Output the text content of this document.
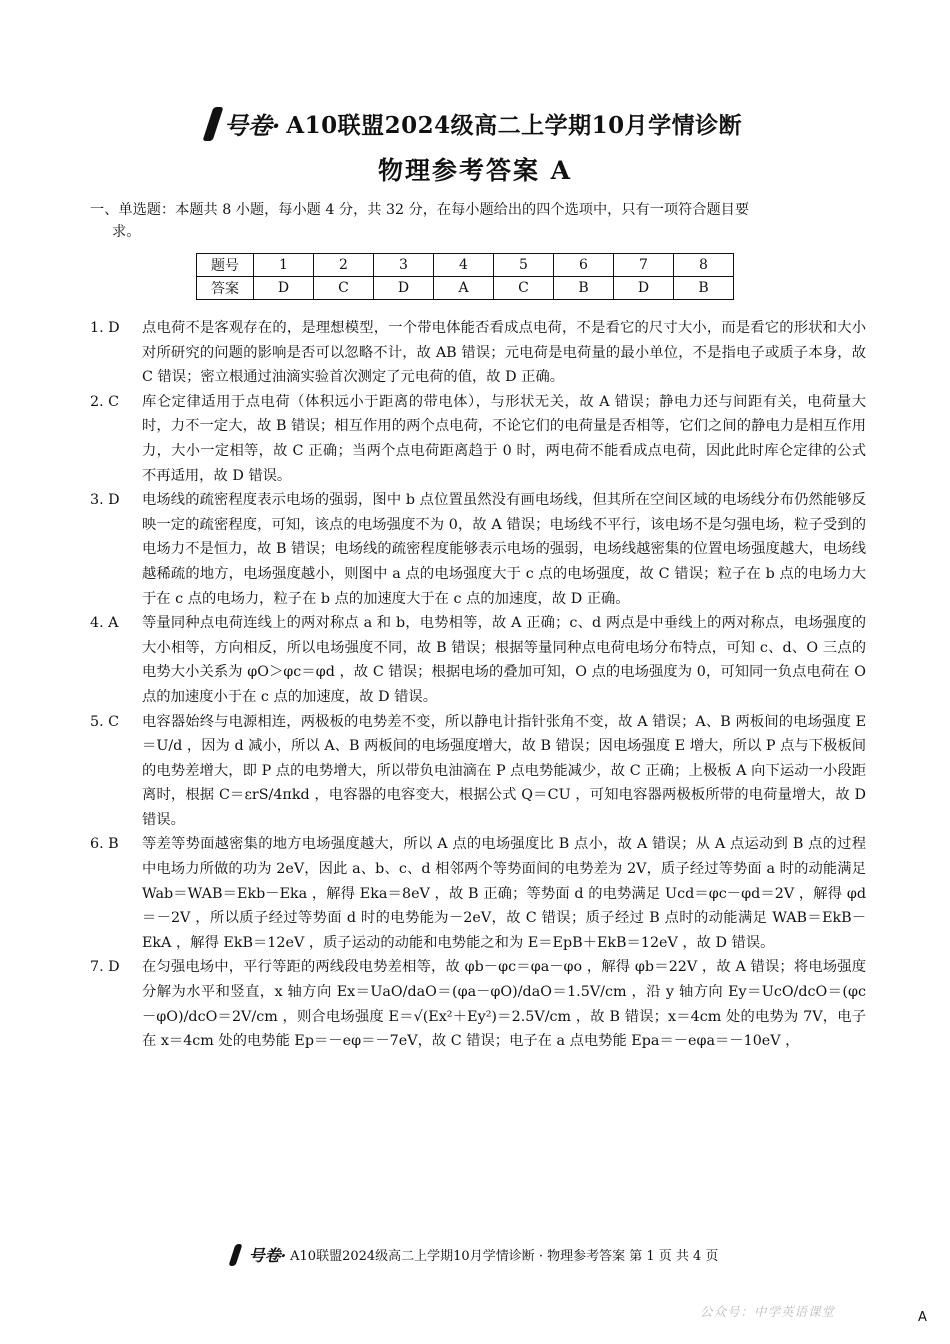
号卷· A10联盟2024级高二上学期10月学情诊断
物理参考答案 A
一、单选题：本题共 8 小题，每小题 4 分，共 32 分，在每小题给出的四个选项中，只有一项符合题目要
求。
题号	1	2	3	4	5	6	7	8
答案	D	C	D	A	C	B	D	B
1. D	点电荷不是客观存在的，是理想模型，一个带电体能否看成点电荷，不是看它的尺寸大小，而是看它的形状和大小对所研究的问题的影响是否可以忽略不计，故 AB 错误；元电荷是电荷量的最小单位，不是指电子或质子本身，故 C 错误；密立根通过油滴实验首次测定了元电荷的值，故 D 正确。
2. C	库仑定律适用于点电荷（体积远小于距离的带电体），与形状无关，故 A 错误；静电力还与间距有关，电荷量大时，力不一定大，故 B 错误；相互作用的两个点电荷，不论它们的电荷量是否相等，它们之间的静电力是相互作用力，大小一定相等，故 C 正确；当两个点电荷距离趋于 0 时，两电荷不能看成点电荷，因此此时库仑定律的公式不再适用，故 D 错误。
3. D	电场线的疏密程度表示电场的强弱，图中 b 点位置虽然没有画电场线，但其所在空间区域的电场线分布仍然能够反映一定的疏密程度，可知，该点的电场强度不为 0，故 A 错误；电场线不平行，该电场不是匀强电场，粒子受到的电场力不是恒力，故 B 错误；电场线的疏密程度能够表示电场的强弱，电场线越密集的位置电场强度越大，电场线越稀疏的地方，电场强度越小，则图中 a 点的电场强度大于 c 点的电场强度，故 C 错误；粒子在 b 点的电场力大于在 c 点的电场力，粒子在 b 点的加速度大于在 c 点的加速度，故 D 正确。
4. A	等量同种点电荷连线上的两对称点 a 和 b，电势相等，故 A 正确；c、d 两点是中垂线上的两对称点，电场强度的大小相等，方向相反，所以电场强度不同，故 B 错误；根据等量同种点电荷电场分布特点，可知 c、d、O 三点的电势大小关系为 φO＞φc＝φd ，故 C 错误；根据电场的叠加可知，O 点的电场强度为 0，可知同一负点电荷在 O 点的加速度小于在 c 点的加速度，故 D 错误。
5. C	电容器始终与电源相连，两极板的电势差不变，所以静电计指针张角不变，故 A 错误；A、B 两板间的电场强度 E＝U/d ，因为 d 减小，所以 A、B 两板间的电场强度增大，故 B 错误；因电场强度 E 增大，所以 P 点与下极板间的电势差增大，即 P 点的电势增大，所以带负电油滴在 P 点电势能减少，故 C 正确；上极板 A 向下运动一小段距离时，根据 C＝εrS/4πkd ，电容器的电容变大，根据公式 Q＝CU ，可知电容器两极板所带的电荷量增大，故 D 错误。
6. B	等差等势面越密集的地方电场强度越大，所以 A 点的电场强度比 B 点小，故 A 错误；从 A 点运动到 B 点的过程中电场力所做的功为 2eV，因此 a、b、c、d 相邻两个等势面间的电势差为 2V，质子经过等势面 a 时的动能满足 Wab＝WAB＝Ekb－Eka ，解得 Eka＝8eV ，故 B 正确；等势面 d 的电势满足 Ucd＝φc－φd＝2V ，解得 φd＝－2V ，所以质子经过等势面 d 时的电势能为－2eV，故 C 错误；质子经过 B 点时的动能满足 WAB＝EkB－EkA ，解得 EkB＝12eV ，质子运动的动能和电势能之和为 E＝EpB＋EkB＝12eV ，故 D 错误。
7. D	在匀强电场中，平行等距的两线段电势差相等，故 φb－φc＝φa－φo ，解得 φb＝22V ，故 A 错误；将电场强度分解为水平和竖直，x 轴方向 Ex＝UaO/daO＝(φa－φO)/daO＝1.5V/cm ，沿 y 轴方向 Ey＝UcO/dcO＝(φc－φO)/dcO＝2V/cm ，则合电场强度 E＝√(Ex²＋Ey²)＝2.5V/cm ，故 B 错误；x＝4cm 处的电势为 7V，电子在 x＝4cm 处的电势能 Ep＝－eφ＝－7eV，故 C 错误；电子在 a 点电势能 Epa＝－eφa＝－10eV ，
号卷· A10联盟2024级高二上学期10月学情诊断 · 物理参考答案 第 1 页 共 4 页
公众号：中学英语课堂	A
